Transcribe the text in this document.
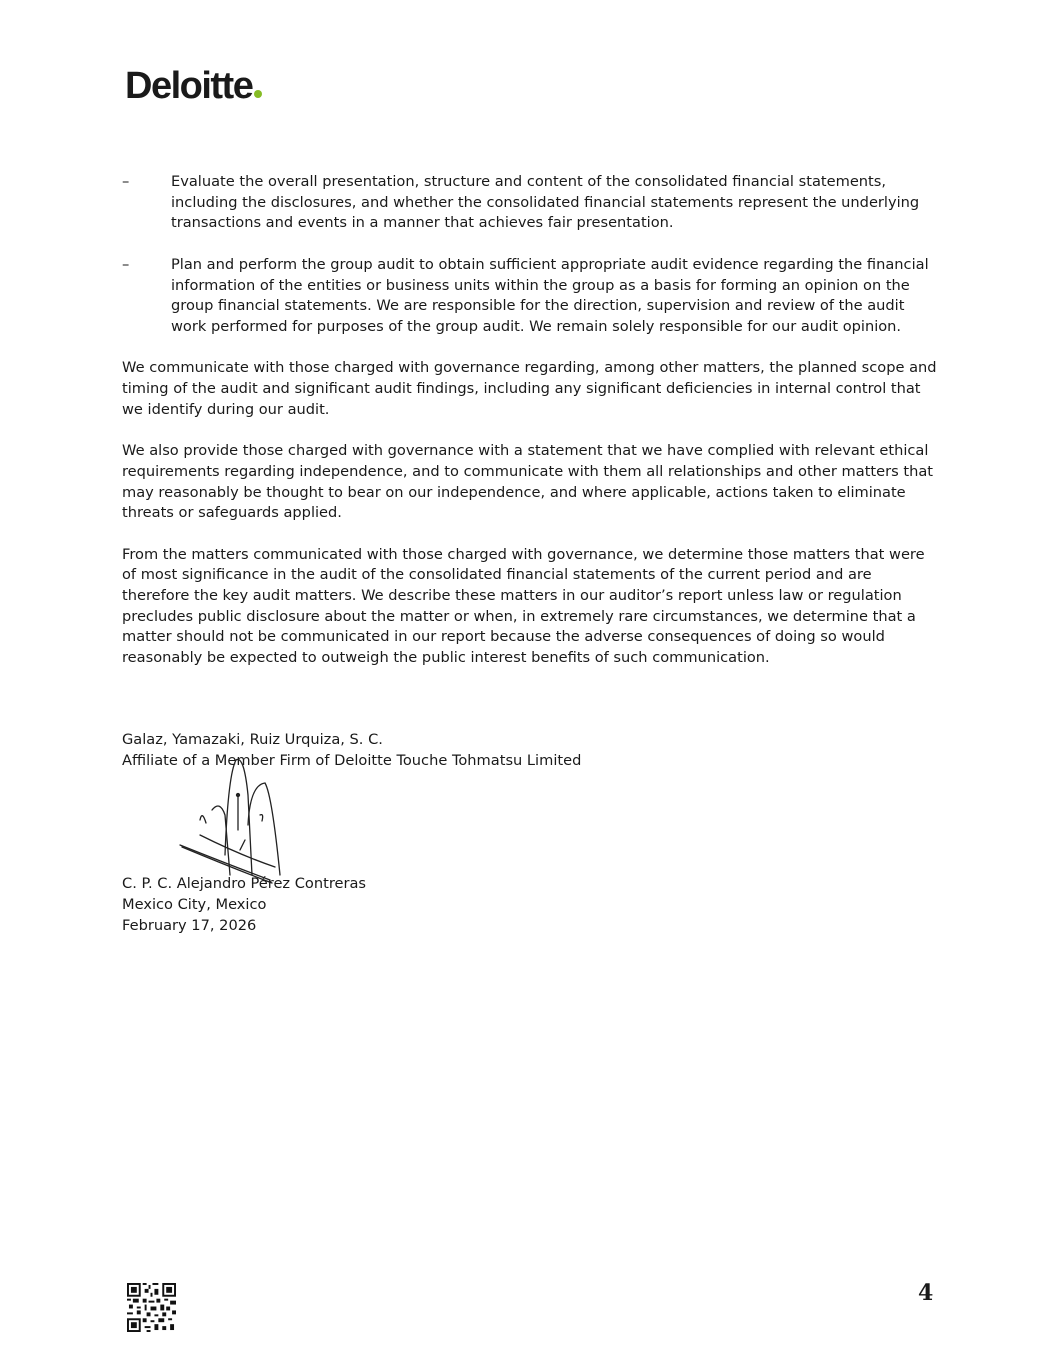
Deloitte
–	Evaluate the overall presentation, structure and content of the consolidated financial statements, including the disclosures, and whether the consolidated financial statements represent the underlying transactions and events in a manner that achieves fair presentation.
–	Plan and perform the group audit to obtain sufficient appropriate audit evidence regarding the financial information of the entities or business units within the group as a basis for forming an opinion on the group financial statements. We are responsible for the direction, supervision and review of the audit work performed for purposes of the group audit. We remain solely responsible for our audit opinion.

We communicate with those charged with governance regarding, among other matters, the planned scope and timing of the audit and significant audit findings, including any significant deficiencies in internal control that we identify during our audit.

We also provide those charged with governance with a statement that we have complied with relevant ethical requirements regarding independence, and to communicate with them all relationships and other matters that may reasonably be thought to bear on our independence, and where applicable, actions taken to eliminate threats or safeguards applied.

From the matters communicated with those charged with governance, we determine those matters that were of most significance in the audit of the consolidated financial statements of the current period and are therefore the key audit matters. We describe these matters in our auditor’s report unless law or regulation precludes public disclosure about the matter or when, in extremely rare circumstances, we determine that a matter should not be communicated in our report because the adverse consequences of doing so would reasonably be expected to outweigh the public interest benefits of such communication.

Galaz, Yamazaki, Ruiz Urquiza, S. C.
Affiliate of a Member Firm of Deloitte Touche Tohmatsu Limited
C. P. C. Alejandro Pérez Contreras
Mexico City, Mexico
February 17, 2026
4
